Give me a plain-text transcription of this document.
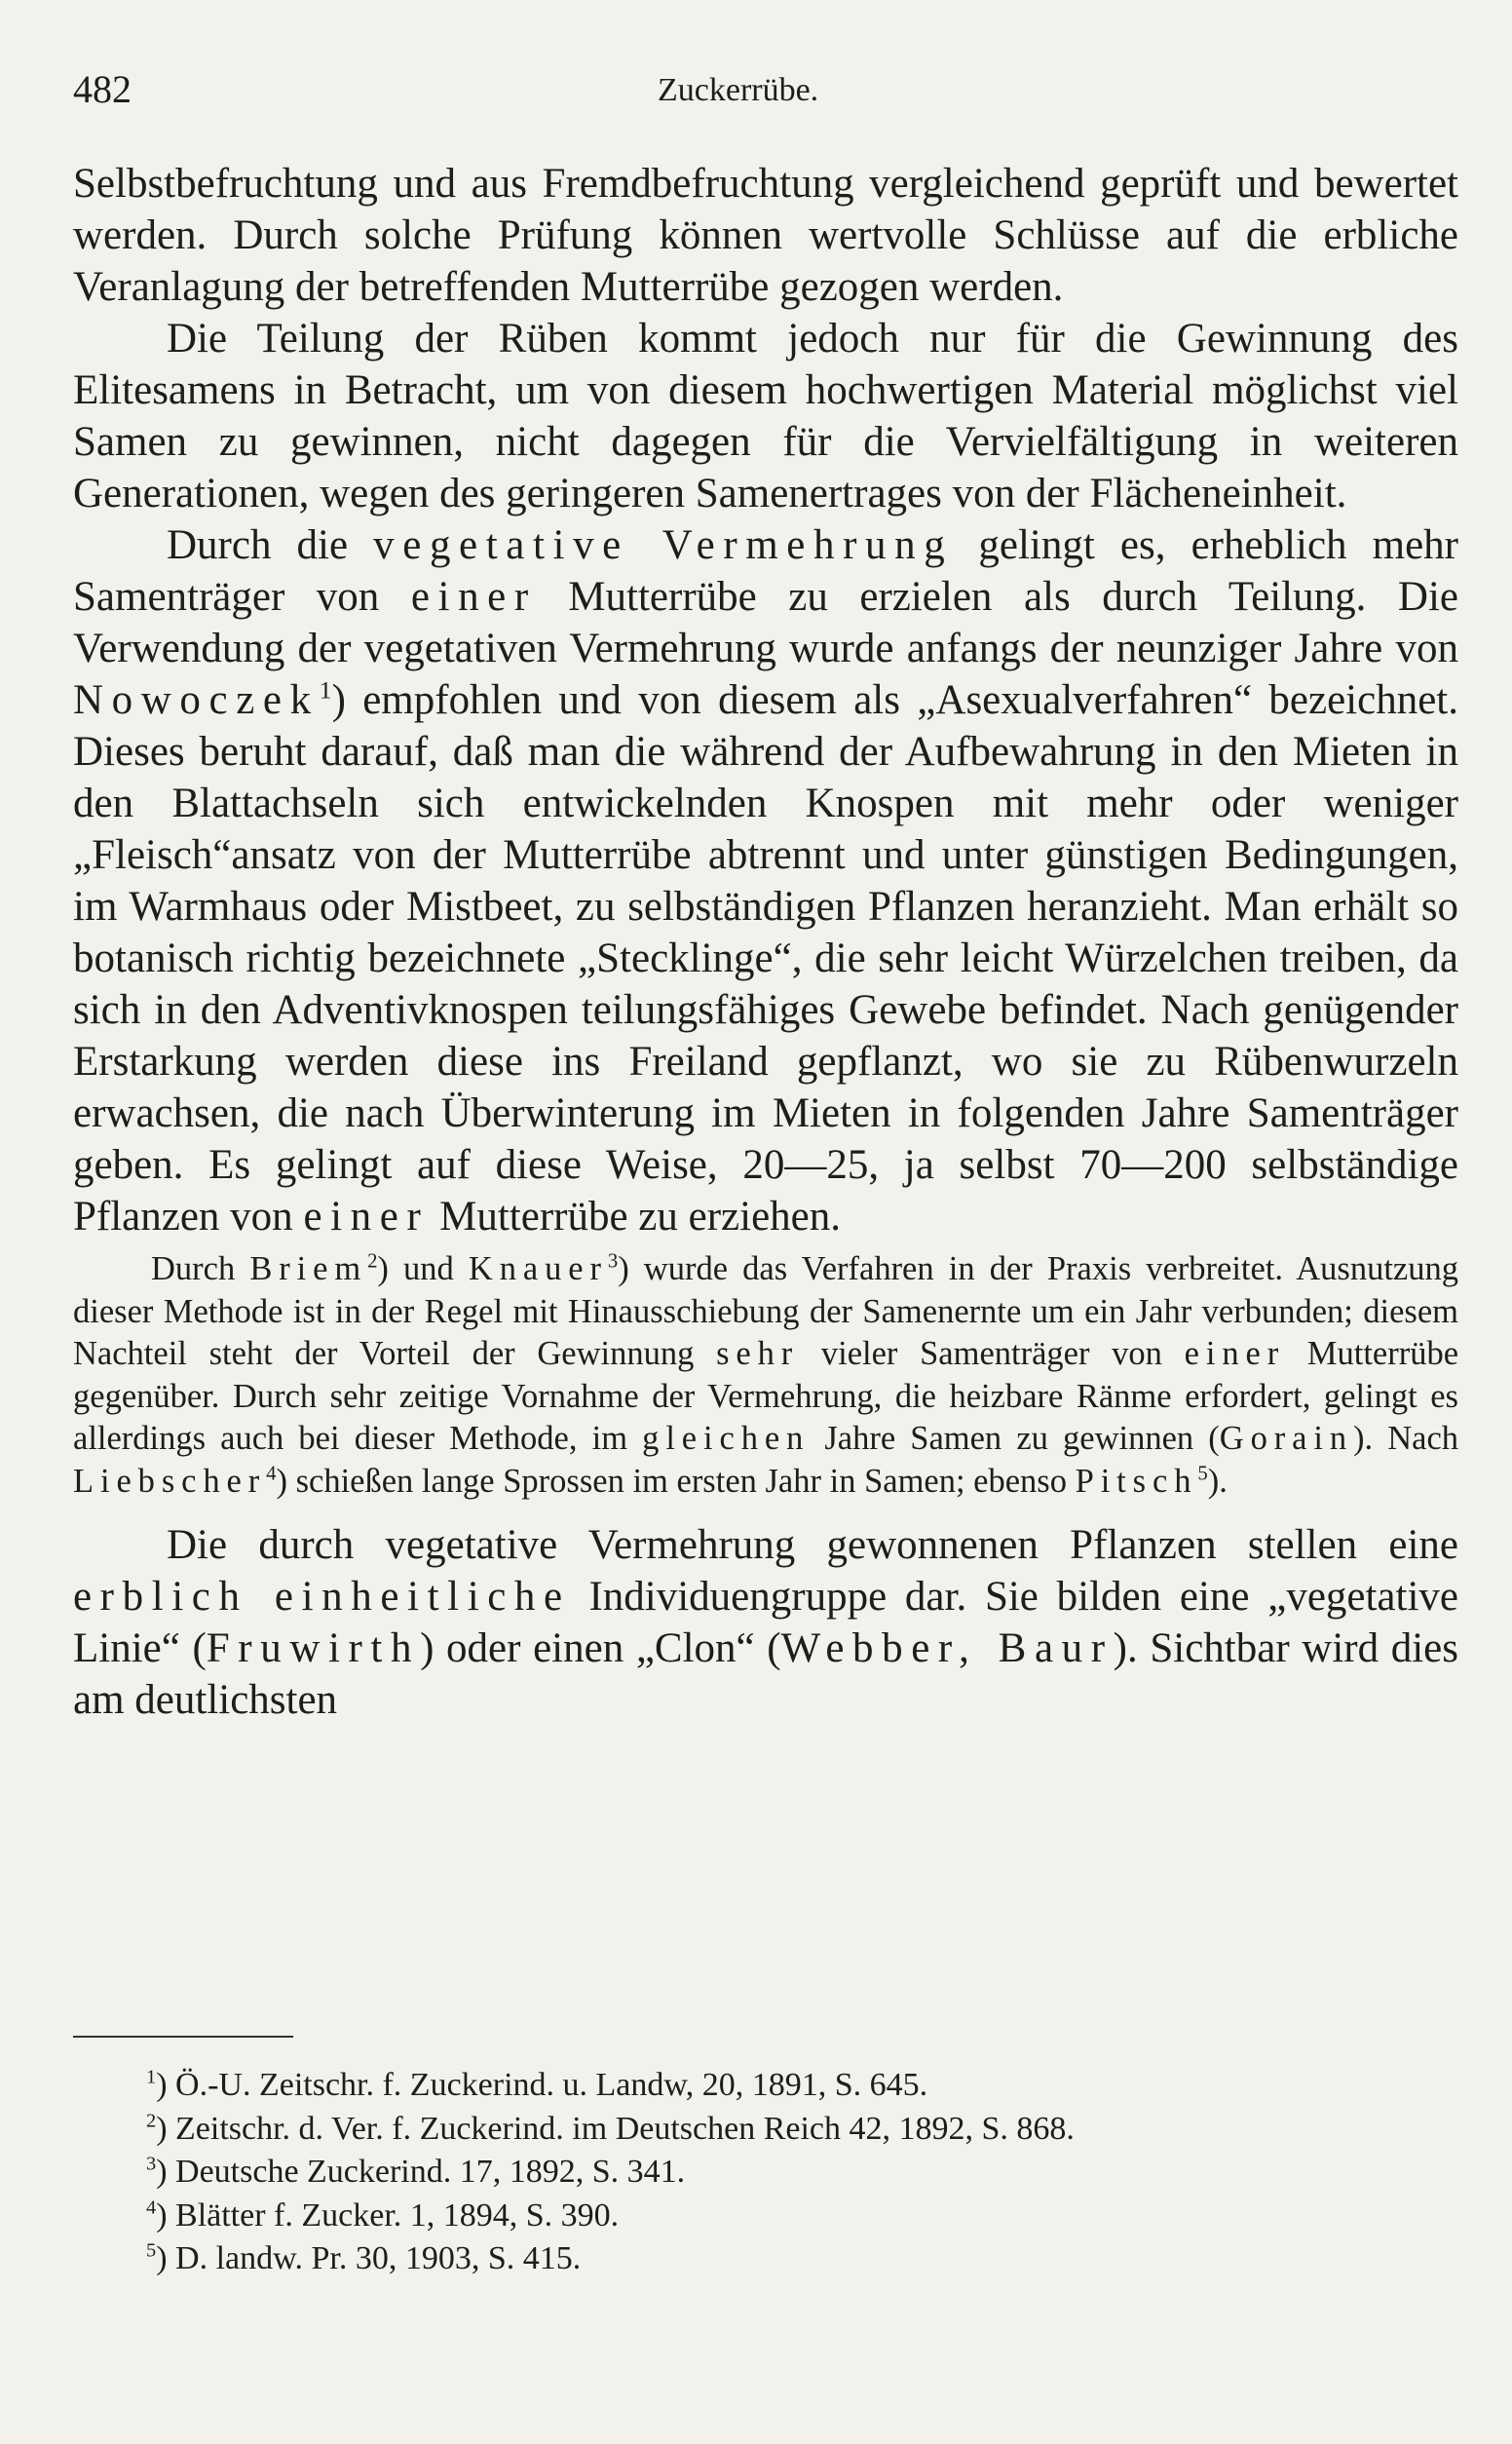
482	Zuckerrübe.

Selbstbefruchtung und aus Fremdbefruchtung vergleichend geprüft und bewertet werden. Durch solche Prüfung können wertvolle Schlüsse auf die erbliche Veranlagung der betreffenden Mutterrübe gezogen werden.

Die Teilung der Rüben kommt jedoch nur für die Gewinnung des Elitesamens in Betracht, um von diesem hochwertigen Material möglichst viel Samen zu gewinnen, nicht dagegen für die Vervielfältigung in weiteren Generationen, wegen des geringeren Samenertrages von der Flächeneinheit.

Durch die vegetative Vermehrung gelingt es, erheblich mehr Samenträger von einer Mutterrübe zu erzielen als durch Teilung. Die Verwendung der vegetativen Vermehrung wurde anfangs der neunziger Jahre von Nowoczek$^1$) empfohlen und von diesem als „Asexualverfahren“ bezeichnet. Dieses beruht darauf, daß man die während der Aufbewahrung in den Mieten in den Blattachseln sich entwickelnden Knospen mit mehr oder weniger „Fleisch“ansatz von der Mutterrübe abtrennt und unter günstigen Bedingungen, im Warmhaus oder Mistbeet, zu selbständigen Pflanzen heranzieht. Man erhält so botanisch richtig bezeichnete „Stecklinge“, die sehr leicht Würzelchen treiben, da sich in den Adventivknospen teilungsfähiges Gewebe befindet. Nach genügender Erstarkung werden diese ins Freiland gepflanzt, wo sie zu Rübenwurzeln erwachsen, die nach Überwinterung im Mieten in folgenden Jahre Samenträger geben. Es gelingt auf diese Weise, 20—25, ja selbst 70—200 selbständige Pflanzen von einer Mutterrübe zu erziehen.

Durch Briem$^2$) und Knauer$^3$) wurde das Verfahren in der Praxis verbreitet. Ausnutzung dieser Methode ist in der Regel mit Hinausschiebung der Samenernte um ein Jahr verbunden; diesem Nachteil steht der Vorteil der Gewinnung sehr vieler Samenträger von einer Mutterrübe gegenüber. Durch sehr zeitige Vornahme der Vermehrung, die heizbare Ränme erfordert, gelingt es allerdings auch bei dieser Methode, im gleichen Jahre Samen zu gewinnen (Gorain). Nach Liebscher$^4$) schießen lange Sprossen im ersten Jahr in Samen; ebenso Pitsch$^5$).

Die durch vegetative Vermehrung gewonnenen Pflanzen stellen eine erblich einheitliche Individuengruppe dar. Sie bilden eine „vegetative Linie“ (Fruwirth) oder einen „Clon“ (Webber, Baur). Sichtbar wird dies am deutlichsten

$^1$) Ö.-U. Zeitschr. f. Zuckerind. u. Landw, 20, 1891, S. 645.
$^2$) Zeitschr. d. Ver. f. Zuckerind. im Deutschen Reich 42, 1892, S. 868.
$^3$) Deutsche Zuckerind. 17, 1892, S. 341.
$^4$) Blätter f. Zucker. 1, 1894, S. 390.
$^5$) D. landw. Pr. 30, 1903, S. 415.
